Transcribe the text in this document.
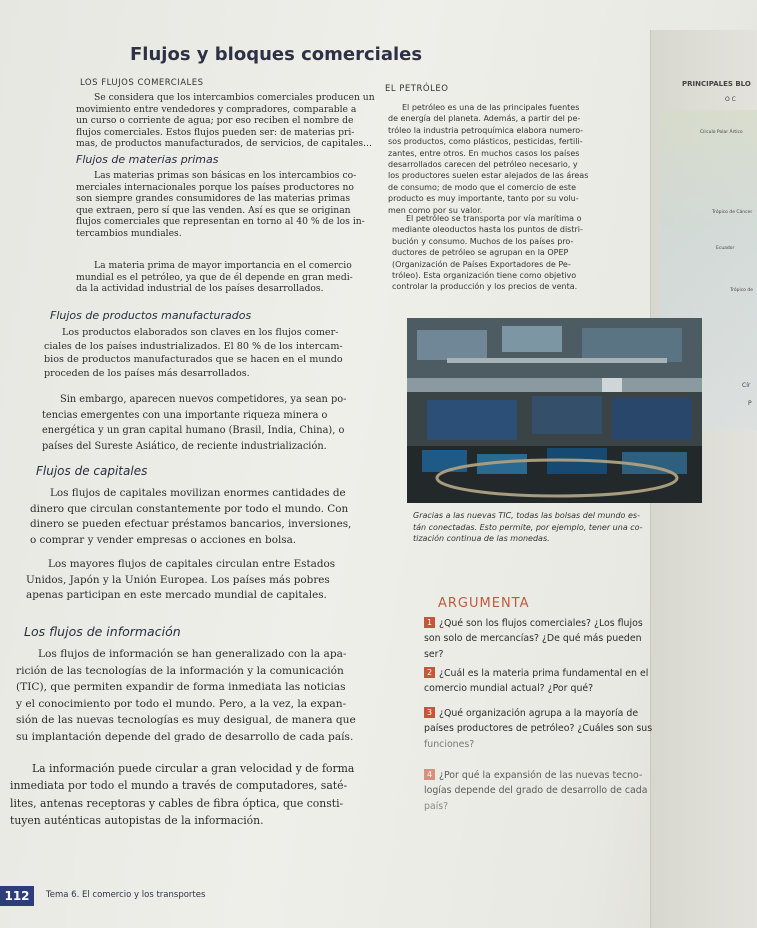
Flujos y bloques comerciales
LOS FLUJOS COMERCIALES
Se considera que los intercambios comerciales producen un
movimiento entre vendedores y compradores, comparable a
un curso o corriente de agua; por eso reciben el nombre de
flujos comerciales. Estos flujos pueden ser: de materias pri-
mas, de productos manufacturados, de servicios, de capitales...
Flujos de materias primas
Las materias primas son básicas en los intercambios co-
merciales internacionales porque los países productores no
son siempre grandes consumidores de las materias primas
que extraen, pero sí que las venden. Así es que se originan
flujos comerciales que representan en torno al 40 % de los in-
tercambios mundiales.
La materia prima de mayor importancia en el comercio
mundial es el petróleo, ya que de él depende en gran medi-
da la actividad industrial de los países desarrollados.
EL PETRÓLEO
El petróleo es una de las principales fuentes
de energía del planeta. Además, a partir del pe-
tróleo la industria petroquímica elabora numero-
sos productos, como plásticos, pesticidas, fertili-
zantes, entre otros. En muchos casos los países
desarrollados carecen del petróleo necesario, y
los productores suelen estar alejados de las áreas
de consumo; de modo que el comercio de este
producto es muy importante, tanto por su volu-
men como por su valor.
El petróleo se transporta por vía marítima o
mediante oleoductos hasta los puntos de distri-
bución y consumo. Muchos de los países pro-
ductores de petróleo se agrupan en la OPEP
(Organización de Países Exportadores de Pe-
tróleo). Esta organización tiene como objetivo
controlar la producción y los precios de venta.
Flujos de productos manufacturados
Los productos elaborados son claves en los flujos comer-
ciales de los países industrializados. El 80 % de los intercam-
bios de productos manufacturados que se hacen en el mundo
proceden de los países más desarrollados.
Sin embargo, aparecen nuevos competidores, ya sean po-
tencias emergentes con una importante riqueza minera o
energética y un gran capital humano (Brasil, India, China), o
países del Sureste Asiático, de reciente industrialización.
Gracias a las nuevas TIC, todas las bolsas del mundo es-
tán conectadas. Esto permite, por ejemplo, tener una co-
tización continua de las monedas.
Flujos de capitales
Los flujos de capitales movilizan enormes cantidades de
dinero que circulan constantemente por todo el mundo. Con
dinero se pueden efectuar préstamos bancarios, inversiones,
o comprar y vender empresas o acciones en bolsa.
Los mayores flujos de capitales circulan entre Estados
Unidos, Japón y la Unión Europea. Los países más pobres
apenas participan en este mercado mundial de capitales.
Los flujos de información
Los flujos de información se han generalizado con la apa-
rición de las tecnologías de la información y la comunicación
(TIC), que permiten expandir de forma inmediata las noticias
y el conocimiento por todo el mundo. Pero, a la vez, la expan-
sión de las nuevas tecnologías es muy desigual, de manera que
su implantación depende del grado de desarrollo de cada país.
La información puede circular a gran velocidad y de forma
inmediata por todo el mundo a través de computadores, saté-
lites, antenas receptoras y cables de fibra óptica, que consti-
tuyen auténticas autopistas de la información.
ARGUMENTA
1 ¿Qué son los flujos comerciales? ¿Los flujos
son solo de mercancías? ¿De qué más pueden
ser?
2 ¿Cuál es la materia prima fundamental en el
comercio mundial actual? ¿Por qué?
3 ¿Qué organización agrupa a la mayoría de
países productores de petróleo? ¿Cuáles son sus
funciones?
4 ¿Por qué la expansión de las nuevas tecno-
logías depende del grado de desarrollo de cada
país?
PRINCIPALES BLO
O C
Círculo Polar Ártico
Trópico de Cáncer
Ecuador
Trópico de
Cír
P
112	Tema 6. El comercio y los transportes
